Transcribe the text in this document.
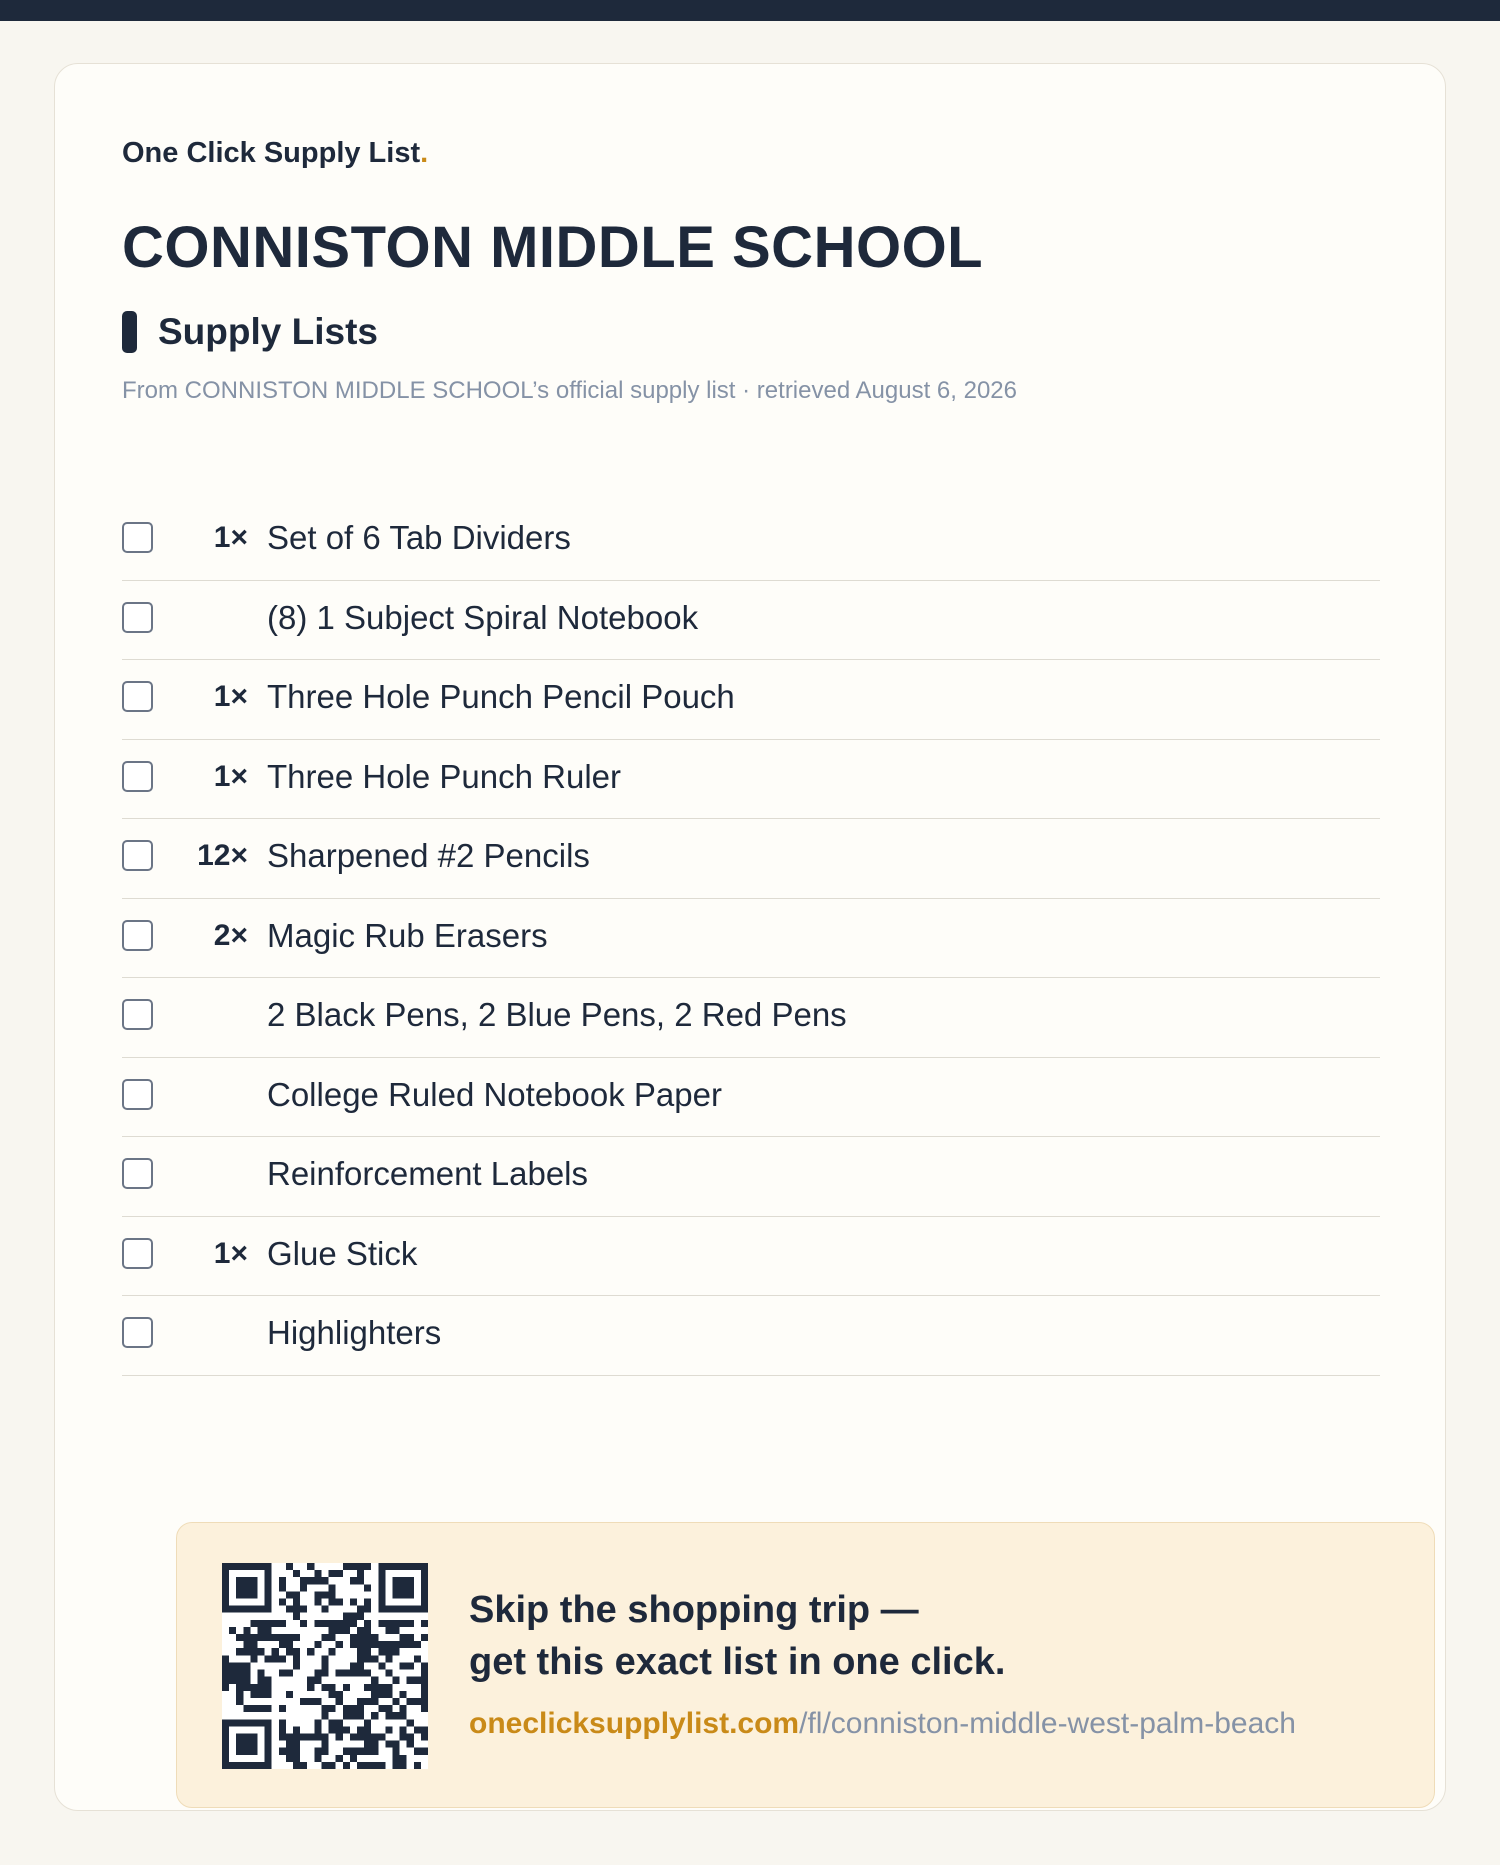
One Click Supply List.
CONNISTON MIDDLE SCHOOL
Supply Lists
From CONNISTON MIDDLE SCHOOL’s official supply list · retrieved August 6, 2026
1× Set of 6 Tab Dividers
(8) 1 Subject Spiral Notebook
1× Three Hole Punch Pencil Pouch
1× Three Hole Punch Ruler
12× Sharpened #2 Pencils
2× Magic Rub Erasers
2 Black Pens, 2 Blue Pens, 2 Red Pens
College Ruled Notebook Paper
Reinforcement Labels
1× Glue Stick
Highlighters
Skip the shopping trip —
get this exact list in one click.
oneclicksupplylist.com/fl/conniston-middle-west-palm-beach
